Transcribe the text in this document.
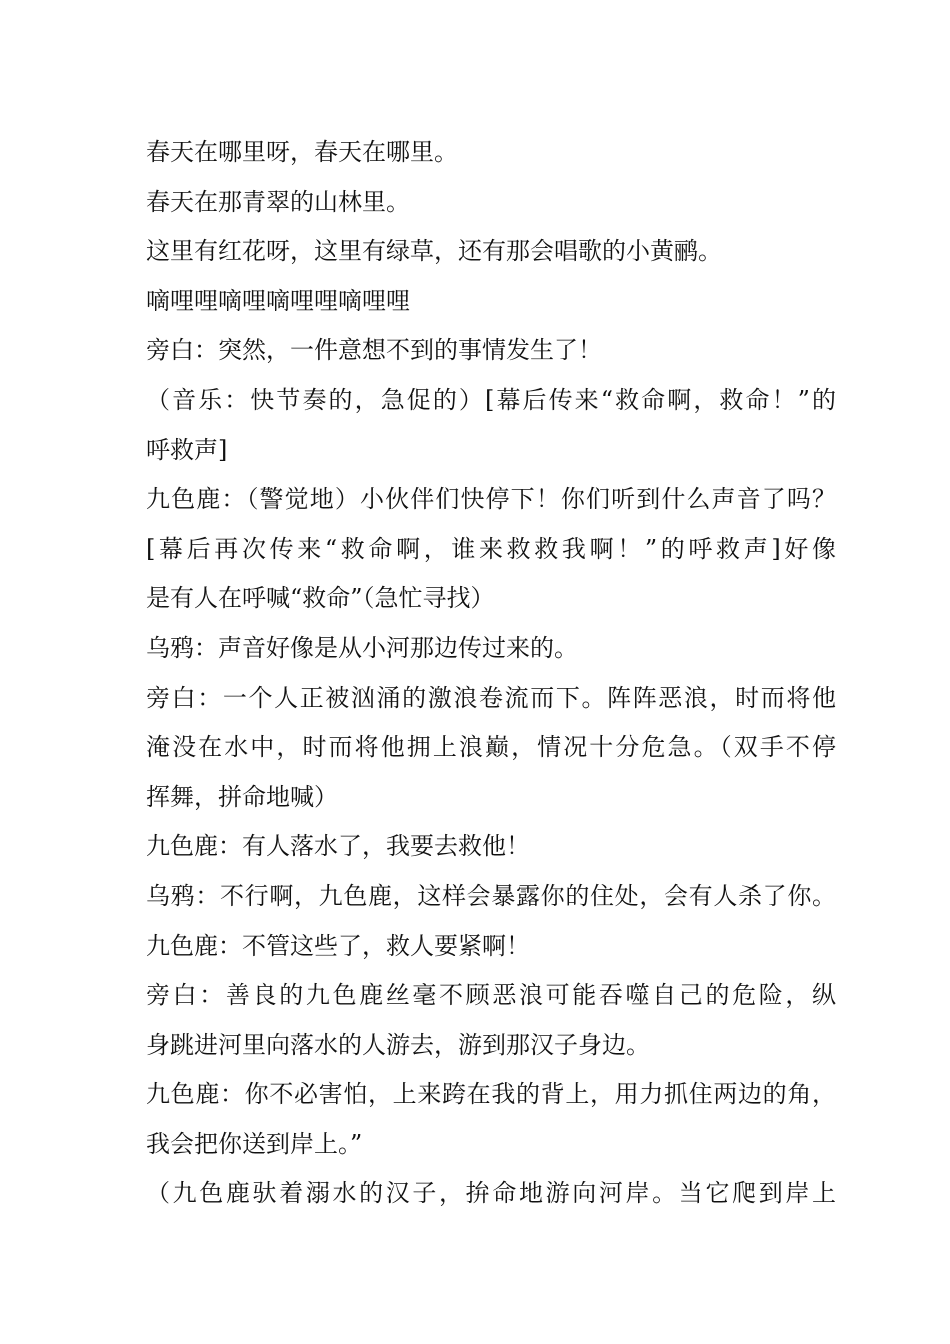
春天在哪里呀，春天在哪里。
春天在那青翠的山林里。
这里有红花呀，这里有绿草，还有那会唱歌的小黄鹂。
嘀哩哩嘀哩嘀哩哩嘀哩哩
旁白：突然，一件意想不到的事情发生了！
（音乐：快节奏的，急促的）[幕后传来“救命啊，救命！”的
呼救声]
九色鹿：（警觉地）小伙伴们快停下！你们听到什么声音了吗？
[幕后再次传来“救命啊，谁来救救我啊！”的呼救声]好像
是有人在呼喊“救命”（急忙寻找）
乌鸦：声音好像是从小河那边传过来的。
旁白：一个人正被汹涌的激浪卷流而下。阵阵恶浪，时而将他
淹没在水中，时而将他拥上浪巅，情况十分危急。（双手不停
挥舞，拼命地喊）
九色鹿：有人落水了，我要去救他！
乌鸦：不行啊，九色鹿，这样会暴露你的住处，会有人杀了你。
九色鹿：不管这些了，救人要紧啊！
旁白：善良的九色鹿丝毫不顾恶浪可能吞噬自己的危险，纵
身跳进河里向落水的人游去，游到那汉子身边。
九色鹿：你不必害怕，上来跨在我的背上，用力抓住两边的角，
我会把你送到岸上。”
（九色鹿驮着溺水的汉子，拚命地游向河岸。当它爬到岸上
